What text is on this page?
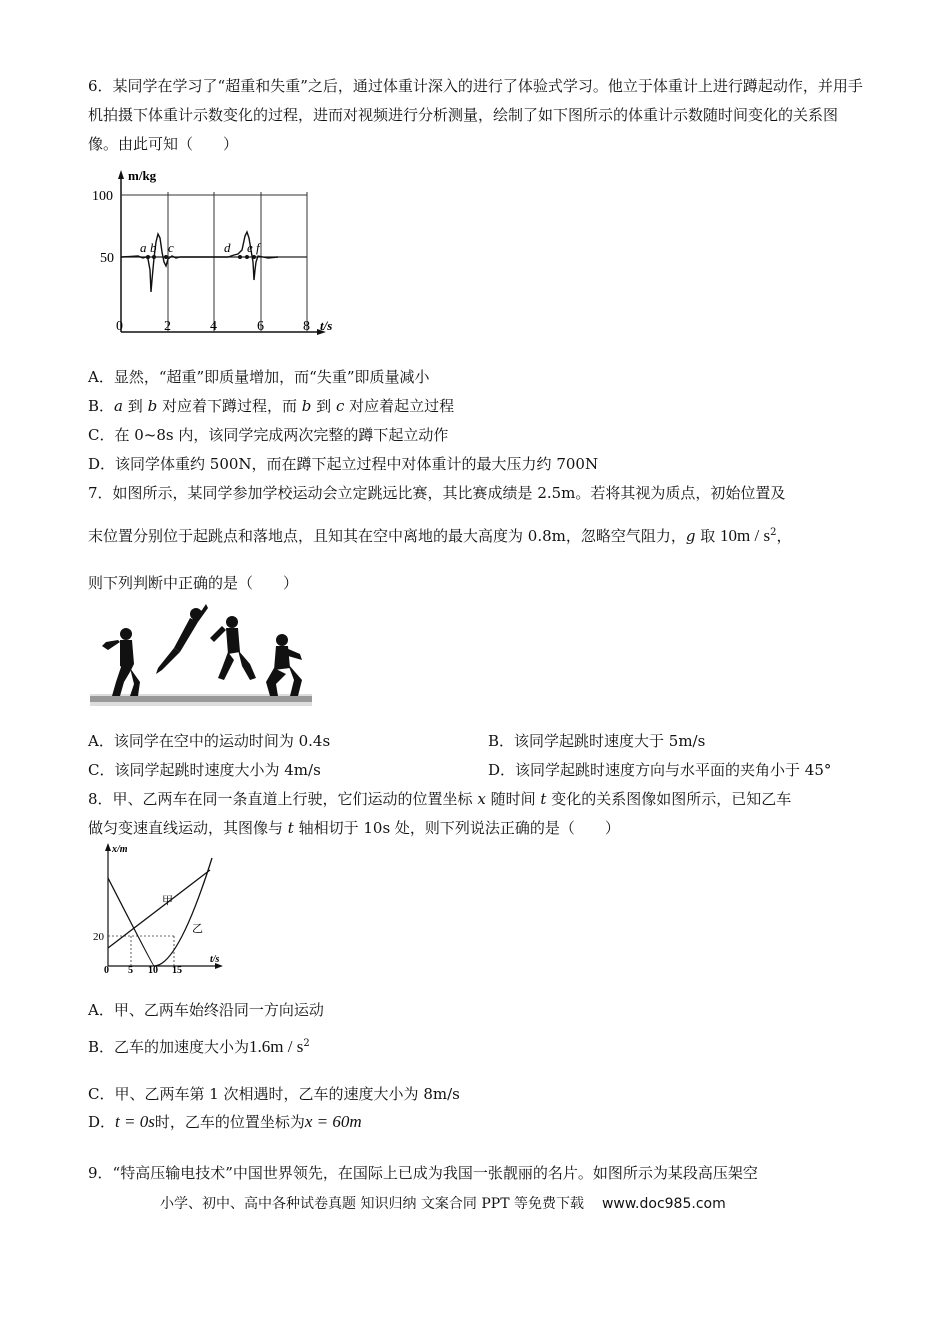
6．某同学在学习了“超重和失重”之后，通过体重计深入的进行了体验式学习。他立于体重计上进行蹲起动作，并用手机拍摄下体重计示数变化的过程，进而对视频进行分析测量，绘制了如下图所示的体重计示数随时间变化的关系图像。由此可知（　　）
m/kg
t/s
100
50
0	2	4	6	8
a b c	d e f
A．显然，“超重”即质量增加，而“失重”即质量减小
B．a 到 b 对应着下蹲过程，而 b 到 c 对应着起立过程
C．在 0~8s 内，该同学完成两次完整的蹲下起立动作
D．该同学体重约 500N，而在蹲下起立过程中对体重计的最大压力约 700N
7．如图所示，某同学参加学校运动会立定跳远比赛，其比赛成绩是 2.5m。若将其视为质点，初始位置及
末位置分别位于起跳点和落地点，且知其在空中离地的最大高度为 0.8m，忽略空气阻力，g 取 $10m / s^2$，
则下列判断中正确的是（　　）
A．该同学在空中的运动时间为 0.4s	B．该同学起跳时速度大于 5m/s
C．该同学起跳时速度大小为 4m/s	D．该同学起跳时速度方向与水平面的夹角小于 45°
8．甲、乙两车在同一条直道上行驶，它们运动的位置坐标 x 随时间 t 变化的关系图像如图所示，已知乙车
做匀变速直线运动，其图像与 t 轴相切于 10s 处，则下列说法正确的是（　　）
x/m
t/s
20
0 5 10 15
甲
乙
A．甲、乙两车始终沿同一方向运动
B．乙车的加速度大小为$1.6m / s^2$
C．甲、乙两车第 1 次相遇时，乙车的速度大小为 8m/s
D．t = 0s时，乙车的位置坐标为x = 60m
9．“特高压输电技术”中国世界领先，在国际上已成为我国一张靓丽的名片。如图所示为某段高压架空
小学、初中、高中各种试卷真题 知识归纳 文案合同 PPT 等免费下载 www.doc985.com
